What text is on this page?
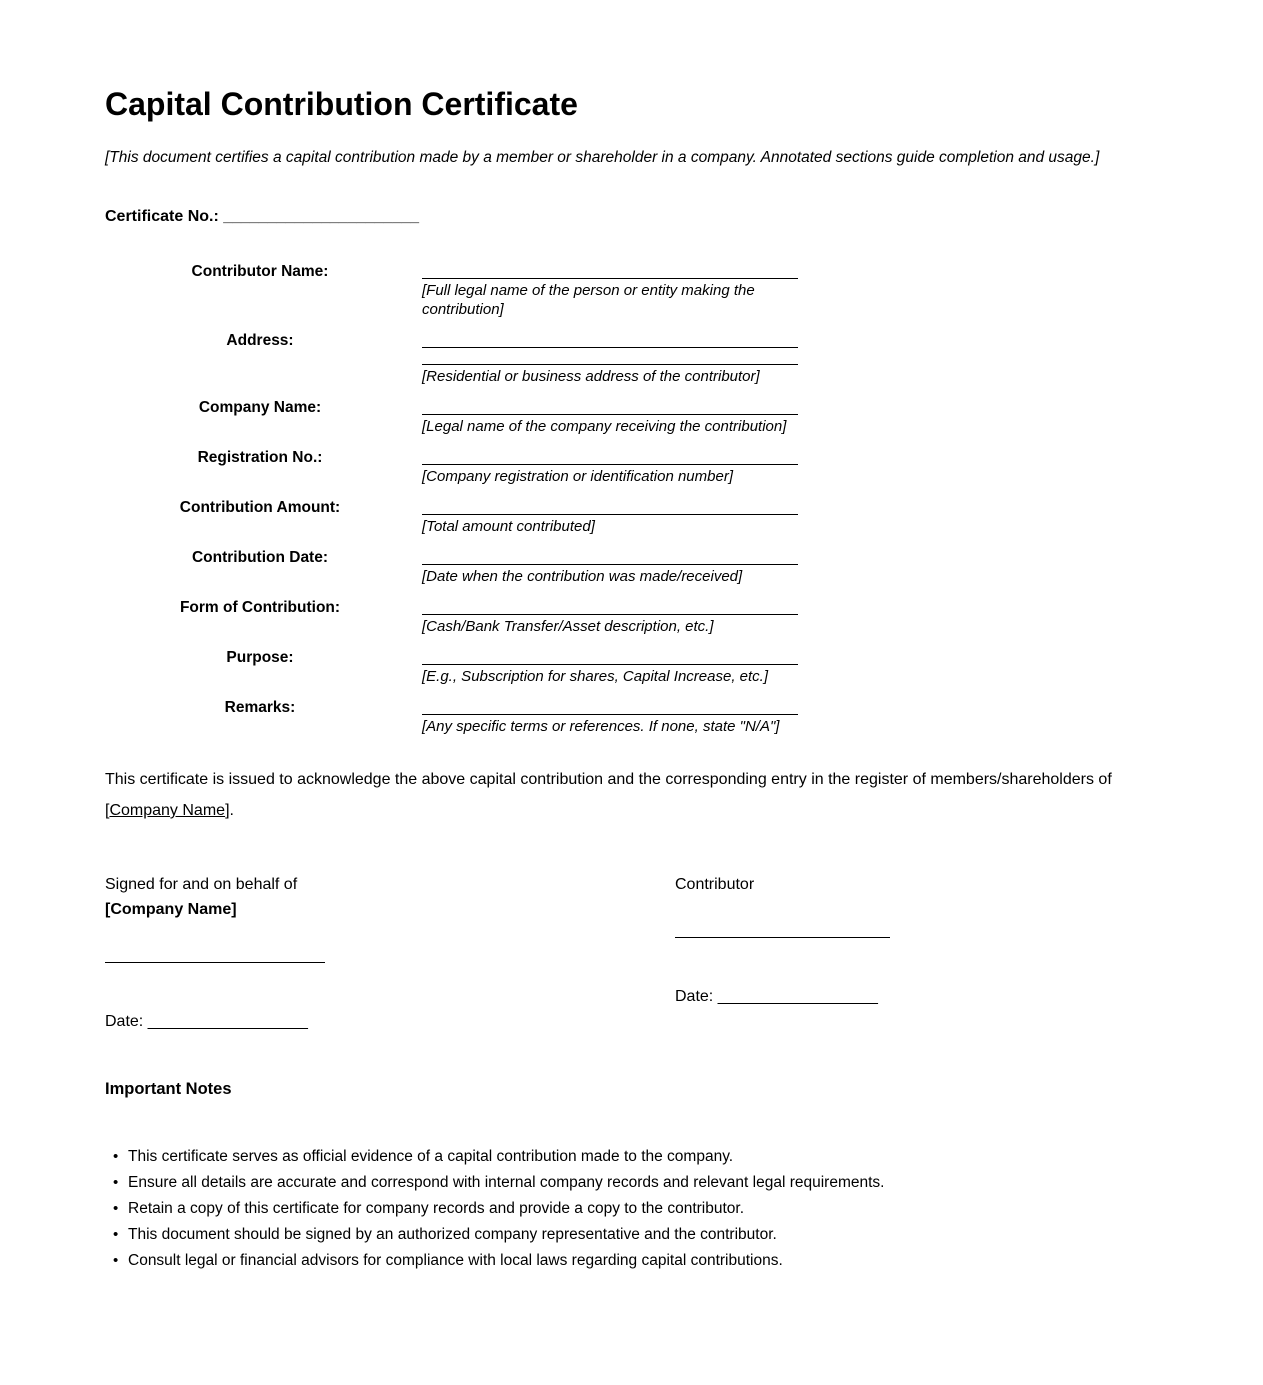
Capital Contribution Certificate

[This document certifies a capital contribution made by a member or shareholder in a company. Annotated sections guide completion and usage.]

Certificate No.: ______________________

Contributor Name:
[Full legal name of the person or entity making the contribution]
Address:
[Residential or business address of the contributor]
Company Name:
[Legal name of the company receiving the contribution]
Registration No.:
[Company registration or identification number]
Contribution Amount:
[Total amount contributed]
Contribution Date:
[Date when the contribution was made/received]
Form of Contribution:
[Cash/Bank Transfer/Asset description, etc.]
Purpose:
[E.g., Subscription for shares, Capital Increase, etc.]
Remarks:
[Any specific terms or references. If none, state "N/A"]

This certificate is issued to acknowledge the above capital contribution and the corresponding entry in the register of members/shareholders of
[Company Name].

Signed for and on behalf of
[Company Name]
Date: __________________
Contributor
Date: __________________
Important Notes
• This certificate serves as official evidence of a capital contribution made to the company.
• Ensure all details are accurate and correspond with internal company records and relevant legal requirements.
• Retain a copy of this certificate for company records and provide a copy to the contributor.
• This document should be signed by an authorized company representative and the contributor.
• Consult legal or financial advisors for compliance with local laws regarding capital contributions.
